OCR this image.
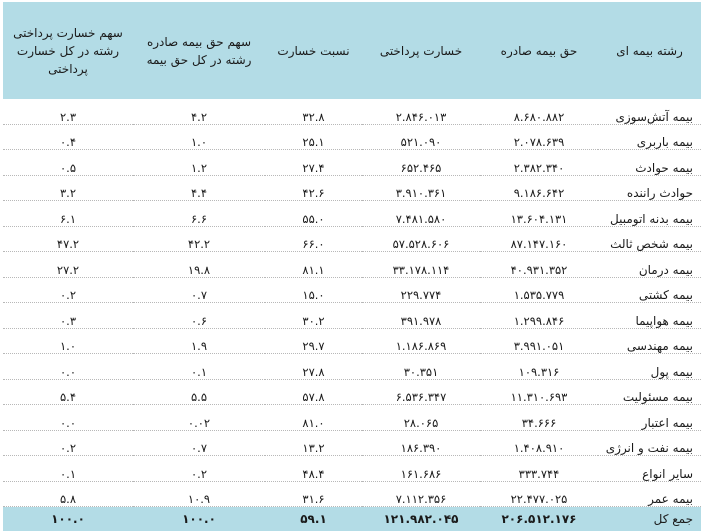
رشته بیمه ای	حق بیمه صادره	خسارت پرداختی	نسبت خسارت	سهم حق بیمه صادره رشته در کل حق بیمه	سهم خسارت پرداختی رشته در کل خسارت پرداختی
بیمه آتش‌سوزی	۸.۶۸۰.۸۸۲	۲.۸۴۶.۰۱۳	۳۲.۸	۴.۲	۲.۳
بیمه باربری	۲.۰۷۸.۶۳۹	۵۲۱.۰۹۰	۲۵.۱	۱.۰	۰.۴
بیمه حوادث	۲.۳۸۲.۳۴۰	۶۵۲.۴۶۵	۲۷.۴	۱.۲	۰.۵
حوادث راننده	۹.۱۸۶.۶۴۲	۳.۹۱۰.۳۶۱	۴۲.۶	۴.۴	۳.۲
بیمه بدنه اتومبیل	۱۳.۶۰۴.۱۳۱	۷.۴۸۱.۵۸۰	۵۵.۰	۶.۶	۶.۱
بیمه شخص ثالث	۸۷.۱۴۷.۱۶۰	۵۷.۵۲۸.۶۰۶	۶۶.۰	۴۲.۲	۴۷.۲
بیمه درمان	۴۰.۹۳۱.۳۵۲	۳۳.۱۷۸.۱۱۴	۸۱.۱	۱۹.۸	۲۷.۲
بیمه کشتی	۱.۵۳۵.۷۷۹	۲۲۹.۷۷۴	۱۵.۰	۰.۷	۰.۲
بیمه هواپیما	۱.۲۹۹.۸۴۶	۳۹۱.۹۷۸	۳۰.۲	۰.۶	۰.۳
بیمه مهندسی	۳.۹۹۱.۰۵۱	۱.۱۸۶.۸۶۹	۲۹.۷	۱.۹	۱.۰
بیمه پول	۱۰۹.۳۱۶	۳۰.۳۵۱	۲۷.۸	۰.۱	۰.۰
بیمه مسئولیت	۱۱.۳۱۰.۶۹۳	۶.۵۳۶.۳۴۷	۵۷.۸	۵.۵	۵.۴
بیمه اعتبار	۳۴.۶۶۶	۲۸.۰۶۵	۸۱.۰	۰.۰۲	۰.۰
بیمه نفت و انرژی	۱.۴۰۸.۹۱۰	۱۸۶.۳۹۰	۱۳.۲	۰.۷	۰.۲
سایر انواع	۳۳۳.۷۴۴	۱۶۱.۶۸۶	۴۸.۴	۰.۲	۰.۱
بیمه عمر	۲۲.۴۷۷.۰۲۵	۷.۱۱۲.۳۵۶	۳۱.۶	۱۰.۹	۵.۸
جمع کل	۲۰۶.۵۱۲.۱۷۶	۱۲۱.۹۸۲.۰۴۵	۵۹.۱	۱۰۰.۰	۱۰۰.۰
